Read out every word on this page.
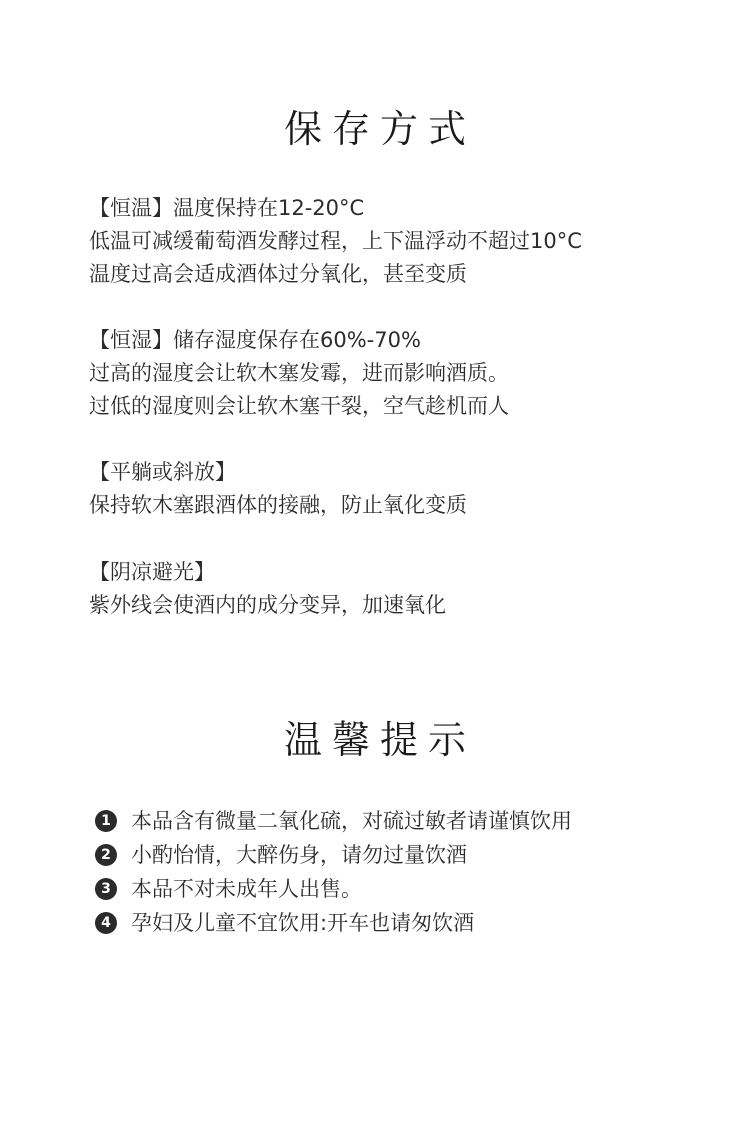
保存方式
【恒温】温度保持在12-20°C
低温可减缓葡萄酒发酵过程，上下温浮动不超过10°C
温度过高会适成酒体过分氧化，甚至变质
【恒湿】储存湿度保存在60%-70%
过高的湿度会让软木塞发霉，进而影响酒质。
过低的湿度则会让软木塞干裂，空气趁机而人
【平躺或斜放】
保持软木塞跟酒体的接融，防止氧化变质
【阴凉避光】
紫外线会使酒内的成分变异，加速氧化
温馨提示
1 本品含有微量二氧化硫，对硫过敏者请谨慎饮用
2 小酌怡情，大醉伤身，请勿过量饮酒
3 本品不对未成年人出售。
4 孕妇及儿童不宜饮用:开车也请匆饮酒
